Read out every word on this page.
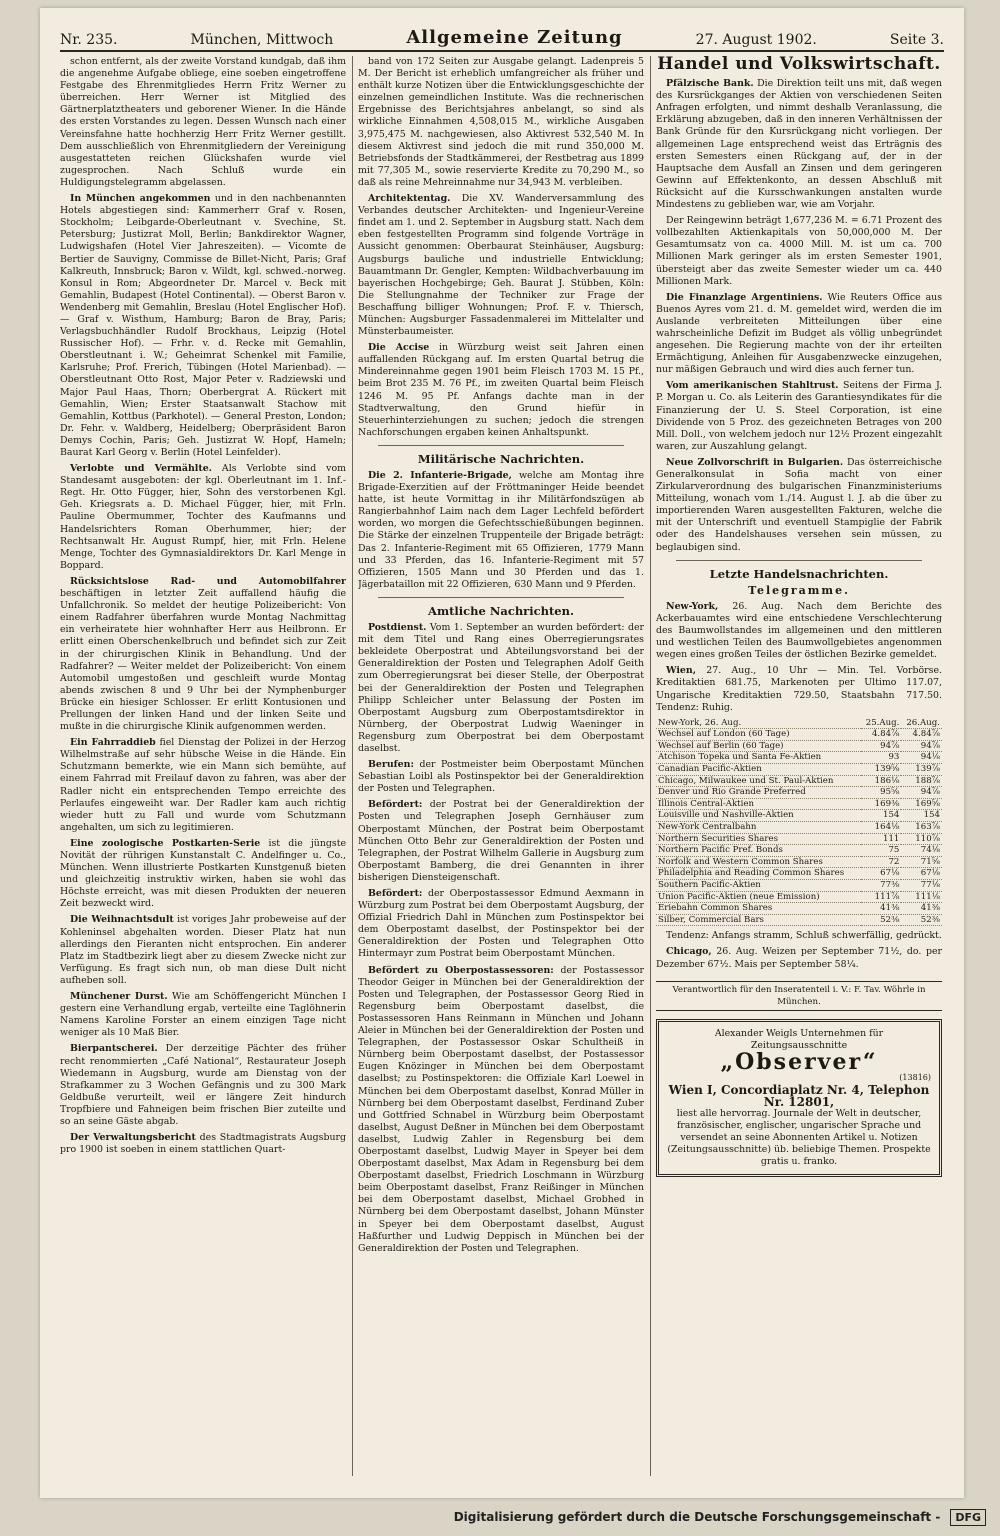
Nr. 235.	München, Mittwoch	Allgemeine Zeitung	27. August 1902.	Seite 3.

schon entfernt, als der zweite Vorstand kundgab, daß ihm die angenehme Aufgabe obliege, eine soeben eingetroffene Festgabe des Ehrenmitgliedes Herrn Fritz Werner zu überreichen. Herr Werner ist Mitglied des Gärtnerplatztheaters und geborener Wiener. In die Hände des ersten Vorstandes zu legen. Dessen Wunsch nach einer Vereinsfahne hatte hochherzig Herr Fritz Werner gestillt. Dem ausschließlich von Ehrenmitgliedern der Vereinigung ausgestatteten reichen Glückshafen wurde viel zugesprochen. Nach Schluß wurde ein Huldigungstelegramm abgelassen.

In München angekommen und in den nachbenannten Hotels abgestiegen sind: Kammerherr Graf v. Rosen, Stockholm; Leibgarde-Oberleutnant v. Svechine, St. Petersburg; Justizrat Moll, Berlin; Bankdirektor Wagner, Ludwigshafen (Hotel Vier Jahreszeiten). — Vicomte de Bertier de Sauvigny, Commisse de Billet-Nicht, Paris; Graf Kalkreuth, Innsbruck; Baron v. Wildt, kgl. schwed.-norweg. Konsul in Rom; Abgeordneter Dr. Marcel v. Beck mit Gemahlin, Budapest (Hotel Continental). — Oberst Baron v. Wendenberg mit Gemahlin, Breslau (Hotel Englischer Hof). — Graf v. Wisthum, Hamburg; Baron de Bray, Paris; Verlagsbuchhändler Rudolf Brockhaus, Leipzig (Hotel Russischer Hof). — Frhr. v. d. Recke mit Gemahlin, Oberstleutnant i. W.; Geheimrat Schenkel mit Familie, Karlsruhe; Prof. Frerich, Tübingen (Hotel Marienbad). — Oberstleutnant Otto Rost, Major Peter v. Radziewski und Major Paul Haas, Thorn; Oberbergrat A. Rückert mit Gemahlin, Wien; Erster Staatsanwalt Stachow mit Gemahlin, Kottbus (Parkhotel). — General Preston, London; Dr. Fehr. v. Waldberg, Heidelberg; Oberpräsident Baron Demys Cochin, Paris; Geh. Justizrat W. Hopf, Hameln; Baurat Karl Georg v. Berlin (Hotel Leinfelder).

Verlobte und Vermählte. Als Verlobte sind vom Standesamt ausgeboten: der kgl. Oberleutnant im 1. Inf.-Regt. Hr. Otto Függer, hier, Sohn des verstorbenen Kgl. Geh. Kriegsrats a. D. Michael Függer, hier, mit Frln. Pauline Obermummer, Tochter des Kaufmanns und Handelsrichters Roman Oberhummer, hier; der Rechtsanwalt Hr. August Rumpf, hier, mit Frln. Helene Menge, Tochter des Gymnasialdirektors Dr. Karl Menge in Boppard.

Rücksichtslose Rad- und Automobilfahrer beschäftigen in letzter Zeit auffallend häufig die Unfallchronik. So meldet der heutige Polizeibericht: Von einem Radfahrer überfahren wurde Montag Nachmittag ein verheiratete hier wohnhafter Herr aus Heilbronn. Er erlitt einen Oberschenkelbruch und befindet sich zur Zeit in der chirurgischen Klinik in Behandlung. Und der Radfahrer? — Weiter meldet der Polizeibericht: Von einem Automobil umgestoßen und geschleift wurde Montag abends zwischen 8 und 9 Uhr bei der Nymphenburger Brücke ein hiesiger Schlosser. Er erlitt Kontusionen und Prellungen der linken Hand und der linken Seite und mußte in die chirurgische Klinik aufgenommen werden.

Ein Fahrraddieb fiel Dienstag der Polizei in der Herzog Wilhelmstraße auf sehr hübsche Weise in die Hände. Ein Schutzmann bemerkte, wie ein Mann sich bemühte, auf einem Fahrrad mit Freilauf davon zu fahren, was aber der Radler nicht ein entsprechenden Tempo erreichte des Perlaufes eingeweiht war. Der Radler kam auch richtig wieder hutt zu Fall und wurde vom Schutzmann angehalten, um sich zu legitimieren.

Eine zoologische Postkarten-Serie ist die jüngste Novität der rührigen Kunstanstalt C. Andelfinger u. Co., München. Wenn illustrierte Postkarten Kunstgenuß bieten und gleichzeitig instruktiv wirken, haben sie wohl das Höchste erreicht, was mit diesen Produkten der neueren Zeit bezweckt wird.

Die Weihnachtsdult ist voriges Jahr probeweise auf der Kohleninsel abgehalten worden. Dieser Platz hat nun allerdings den Fieranten nicht entsprochen. Ein anderer Platz im Stadtbezirk liegt aber zu diesem Zwecke nicht zur Verfügung. Es fragt sich nun, ob man diese Dult nicht aufheben soll.

Münchener Durst. Wie am Schöffengericht München I gestern eine Verhandlung ergab, verteilte eine Taglöhnerin Namens Karoline Forster an einem einzigen Tage nicht weniger als 10 Maß Bier.

Bierpantscherei. Der derzeitige Pächter des früher recht renommierten „Café National“, Restaurateur Joseph Wiedemann in Augsburg, wurde am Dienstag von der Strafkammer zu 3 Wochen Gefängnis und zu 300 Mark Geldbuße verurteilt, weil er längere Zeit hindurch Tropfbiere und Fahneigen beim frischen Bier zuteilte und so an seine Gäste abgab.

Der Verwaltungsbericht des Stadtmagistrats Augsburg pro 1900 ist soeben in einem stattlichen Quart-

band von 172 Seiten zur Ausgabe gelangt. Ladenpreis 5 M. Der Bericht ist erheblich umfangreicher als früher und enthält kurze Notizen über die Entwicklungsgeschichte der einzelnen gemeindlichen Institute. Was die rechnerischen Ergebnisse des Berichtsjahres anbelangt, so sind als wirkliche Einnahmen 4,508,015 M., wirkliche Ausgaben 3,975,475 M. nachgewiesen, also Aktivrest 532,540 M. In diesem Aktivrest sind jedoch die mit rund 350,000 M. Betriebsfonds der Stadtkämmerei, der Restbetrag aus 1899 mit 77,305 M., sowie reservierte Kredite zu 70,290 M., so daß als reine Mehreinnahme nur 34,943 M. verbleiben.

Architektentag. Die XV. Wanderversammlung des Verbandes deutscher Architekten- und Ingenieur-Vereine findet am 1. und 2. September in Augsburg statt. Nach dem eben festgestellten Programm sind folgende Vorträge in Aussicht genommen: Oberbaurat Steinhäuser, Augsburg: Augsburgs bauliche und industrielle Entwicklung; Bauamtmann Dr. Gengler, Kempten: Wildbachverbauung im bayerischen Hochgebirge; Geh. Baurat J. Stübben, Köln: Die Stellungnahme der Techniker zur Frage der Beschaffung billiger Wohnungen; Prof. F. v. Thiersch, München: Augsburger Fassadenmalerei im Mittelalter und Münsterbaumeister.

Die Accise in Würzburg weist seit Jahren einen auffallenden Rückgang auf. Im ersten Quartal betrug die Mindereinnahme gegen 1901 beim Fleisch 1703 M. 15 Pf., beim Brot 235 M. 76 Pf., im zweiten Quartal beim Fleisch 1246 M. 95 Pf. Anfangs dachte man in der Stadtverwaltung, den Grund hiefür in Steuerhinterziehungen zu suchen; jedoch die strengen Nachforschungen ergaben keinen Anhaltspunkt.

Militärische Nachrichten.

Die 2. Infanterie-Brigade, welche am Montag ihre Brigade-Exerzitien auf der Fröttmaninger Heide beendet hatte, ist heute Vormittag in ihr Militärfondszügen ab Rangierbahnhof Laim nach dem Lager Lechfeld befördert worden, wo morgen die Gefechtsschießübungen beginnen. Die Stärke der einzelnen Truppenteile der Brigade beträgt: Das 2. Infanterie-Regiment mit 65 Offizieren, 1779 Mann und 33 Pferden, das 16. Infanterie-Regiment mit 57 Offizieren, 1505 Mann und 30 Pferden und das 1. Jägerbataillon mit 22 Offizieren, 630 Mann und 9 Pferden.

Amtliche Nachrichten.

Postdienst. Vom 1. September an wurden befördert: der mit dem Titel und Rang eines Oberregierungsrates bekleidete Oberpostrat und Abteilungsvorstand bei der Generaldirektion der Posten und Telegraphen Adolf Geith zum Oberregierungsrat bei dieser Stelle, der Oberpostrat bei der Generaldirektion der Posten und Telegraphen Philipp Schleicher unter Belassung der Posten im Oberpostamt Augsburg zum Oberpostamtsdirektor in Nürnberg, der Oberpostrat Ludwig Waeninger in Regensburg zum Oberpostrat bei dem Oberpostamt daselbst.

Berufen: der Postmeister beim Oberpostamt München Sebastian Loibl als Postinspektor bei der Generaldirektion der Posten und Telegraphen.

Befördert: der Postrat bei der Generaldirektion der Posten und Telegraphen Joseph Gernhäuser zum Oberpostamt München, der Postrat beim Oberpostamt München Otto Behr zur Generaldirektion der Posten und Telegraphen, der Postrat Wilhelm Gallerie in Augsburg zum Oberpostamt Bamberg, die drei Genannten in ihrer bisherigen Diensteigenschaft.

Befördert: der Oberpostassessor Edmund Aexmann in Würzburg zum Postrat bei dem Oberpostamt Augsburg, der Offizial Friedrich Dahl in München zum Postinspektor bei dem Oberpostamt daselbst, der Postinspektor bei der Generaldirektion der Posten und Telegraphen Otto Hintermayr zum Postrat beim Oberpostamt München.

Befördert zu Oberpostassessoren: der Postassessor Theodor Geiger in München bei der Generaldirektion der Posten und Telegraphen, der Postassessor Georg Ried in Regensburg beim Oberpostamt daselbst, die Postassessoren Hans Reinmann in München und Johann Aleier in München bei der Generaldirektion der Posten und Telegraphen, der Postassessor Oskar Schultheiß in Nürnberg beim Oberpostamt daselbst, der Postassessor Eugen Knözinger in München bei dem Oberpostamt daselbst; zu Postinspektoren: die Offiziale Karl Loewel in München bei dem Oberpostamt daselbst, Konrad Müller in Nürnberg bei dem Oberpostamt daselbst, Ferdinand Zuber und Gottfried Schnabel in Würzburg beim Oberpostamt daselbst, August Deßner in München bei dem Oberpostamt daselbst, Ludwig Zahler in Regensburg bei dem Oberpostamt daselbst, Ludwig Mayer in Speyer bei dem Oberpostamt daselbst, Max Adam in Regensburg bei dem Oberpostamt daselbst, Friedrich Loschmann in Würzburg beim Oberpostamt daselbst, Franz Reißinger in München bei dem Oberpostamt daselbst, Michael Grobhed in Nürnberg bei dem Oberpostamt daselbst, Johann Münster in Speyer bei dem Oberpostamt daselbst, August Haßfurther und Ludwig Deppisch in München bei der Generaldirektion der Posten und Telegraphen.

Handel und Volkswirtschaft.

Pfälzische Bank. Die Direktion teilt uns mit, daß wegen des Kursrückganges der Aktien von verschiedenen Seiten Anfragen erfolgten, und nimmt deshalb Veranlassung, die Erklärung abzugeben, daß in den inneren Verhältnissen der Bank Gründe für den Kursrückgang nicht vorliegen. Der allgemeinen Lage entsprechend weist das Erträgnis des ersten Semesters einen Rückgang auf, der in der Hauptsache dem Ausfall an Zinsen und dem geringeren Gewinn auf Effektenkonto, an dessen Abschluß mit Rücksicht auf die Kursschwankungen anstalten wurde Mindestens zu geblieben war, wie am Vorjahr.

Der Reingewinn beträgt 1,677,236 M. = 6.71 Prozent des vollbezahlten Aktienkapitals von 50,000,000 M. Der Gesamtumsatz von ca. 4000 Mill. M. ist um ca. 700 Millionen Mark geringer als im ersten Semester 1901, übersteigt aber das zweite Semester wieder um ca. 440 Millionen Mark.

Die Finanzlage Argentiniens. Wie Reuters Office aus Buenos Ayres vom 21. d. M. gemeldet wird, werden die im Auslande verbreiteten Mitteilungen über eine wahrscheinliche Defizit im Budget als völlig unbegründet angesehen. Die Regierung machte von der ihr erteilten Ermächtigung, Anleihen für Ausgabenzwecke einzugehen, nur mäßigen Gebrauch und wird dies auch ferner tun.

Vom amerikanischen Stahltrust. Seitens der Firma J. P. Morgan u. Co. als Leiterin des Garantiesyndikates für die Finanzierung der U. S. Steel Corporation, ist eine Dividende von 5 Proz. des gezeichneten Betrages von 200 Mill. Doll., von welchem jedoch nur 12½ Prozent eingezahlt waren, zur Auszahlung gelangt.

Neue Zollvorschrift in Bulgarien. Das österreichische Generalkonsulat in Sofia macht von einer Zirkularverordnung des bulgarischen Finanzministeriums Mitteilung, wonach vom 1./14. August l. J. ab die über zu importierenden Waren ausgestellten Fakturen, welche die mit der Unterschrift und eventuell Stampiglie der Fabrik oder des Handelshauses versehen sein müssen, zu beglaubigen sind.

Letzte Handelsnachrichten.
Telegramme.

New-York, 26. Aug. Nach dem Berichte des Ackerbauamtes wird eine entschiedene Verschlechterung des Baumwollstandes im allgemeinen und den mittleren und westlichen Teilen des Baumwollgebietes angenommen wegen eines großen Teiles der östlichen Bezirke gemeldet.

Wien, 27. Aug., 10 Uhr — Min. Tel. Vorbörse. Kreditaktien 681.75, Markenoten per Ultimo 117.07, Ungarische Kreditaktien 729.50, Staatsbahn 717.50. Tendenz: Ruhig.

New-York, 26. Aug.	25.Aug.	26.Aug.
Wechsel auf London (60 Tage)	4.84⅞	4.84⅞
Wechsel auf Berlin (60 Tage)	94⅞	94⅞
Atchison Topeka und Santa Fe-Aktien	93	94⅛
Canadian Pacific-Aktien	139⅝	139⅞
Chicago, Milwaukee und St. Paul-Aktien	186⅛	188⅞
Denver und Rio Grande Preferred	95⅝	94⅞
Illinois Central-Aktien	169⅜	169⅝
Louisville und Nashville-Aktien	154	154
New-York Centralbahn	164⅛	163⅞
Northern Securities Shares	111	110⅞
Northern Pacific Pref. Bonds	75	74⅛
Norfolk and Western Common Shares	72	71⅝
Philadelphia and Reading Common Shares	67⅛	67⅛
Southern Pacific-Aktien	77⅜	77⅛
Union Pacific-Aktien (neue Emission)	111⅞	111⅛
Eriebahn Common Shares	41⅜	41⅜
Silber, Commercial Bars	52⅜	52⅜

Tendenz: Anfangs stramm, Schluß schwerfällig, gedrückt.

Chicago, 26. Aug. Weizen per September 71½, do. per Dezember 67½. Mais per September 58¼.

Verantwortlich für den Inseratenteil i. V.: F. Tav. Wöhrle in München.
Alexander Weigls Unternehmen für Zeitungsausschnitte
„Observer“
(13816)
Wien I, Concordiaplatz Nr. 4, Telephon Nr. 12801,
liest alle hervorrag. Journale der Welt in deutscher, französischer, englischer, ungarischer Sprache und versendet an seine Abonnenten Artikel u. Notizen (Zeitungsausschnitte) üb. beliebige Themen. Prospekte gratis u. franko.
Digitalisierung gefördert durch die Deutsche Forschungsgemeinschaft -	DFG
